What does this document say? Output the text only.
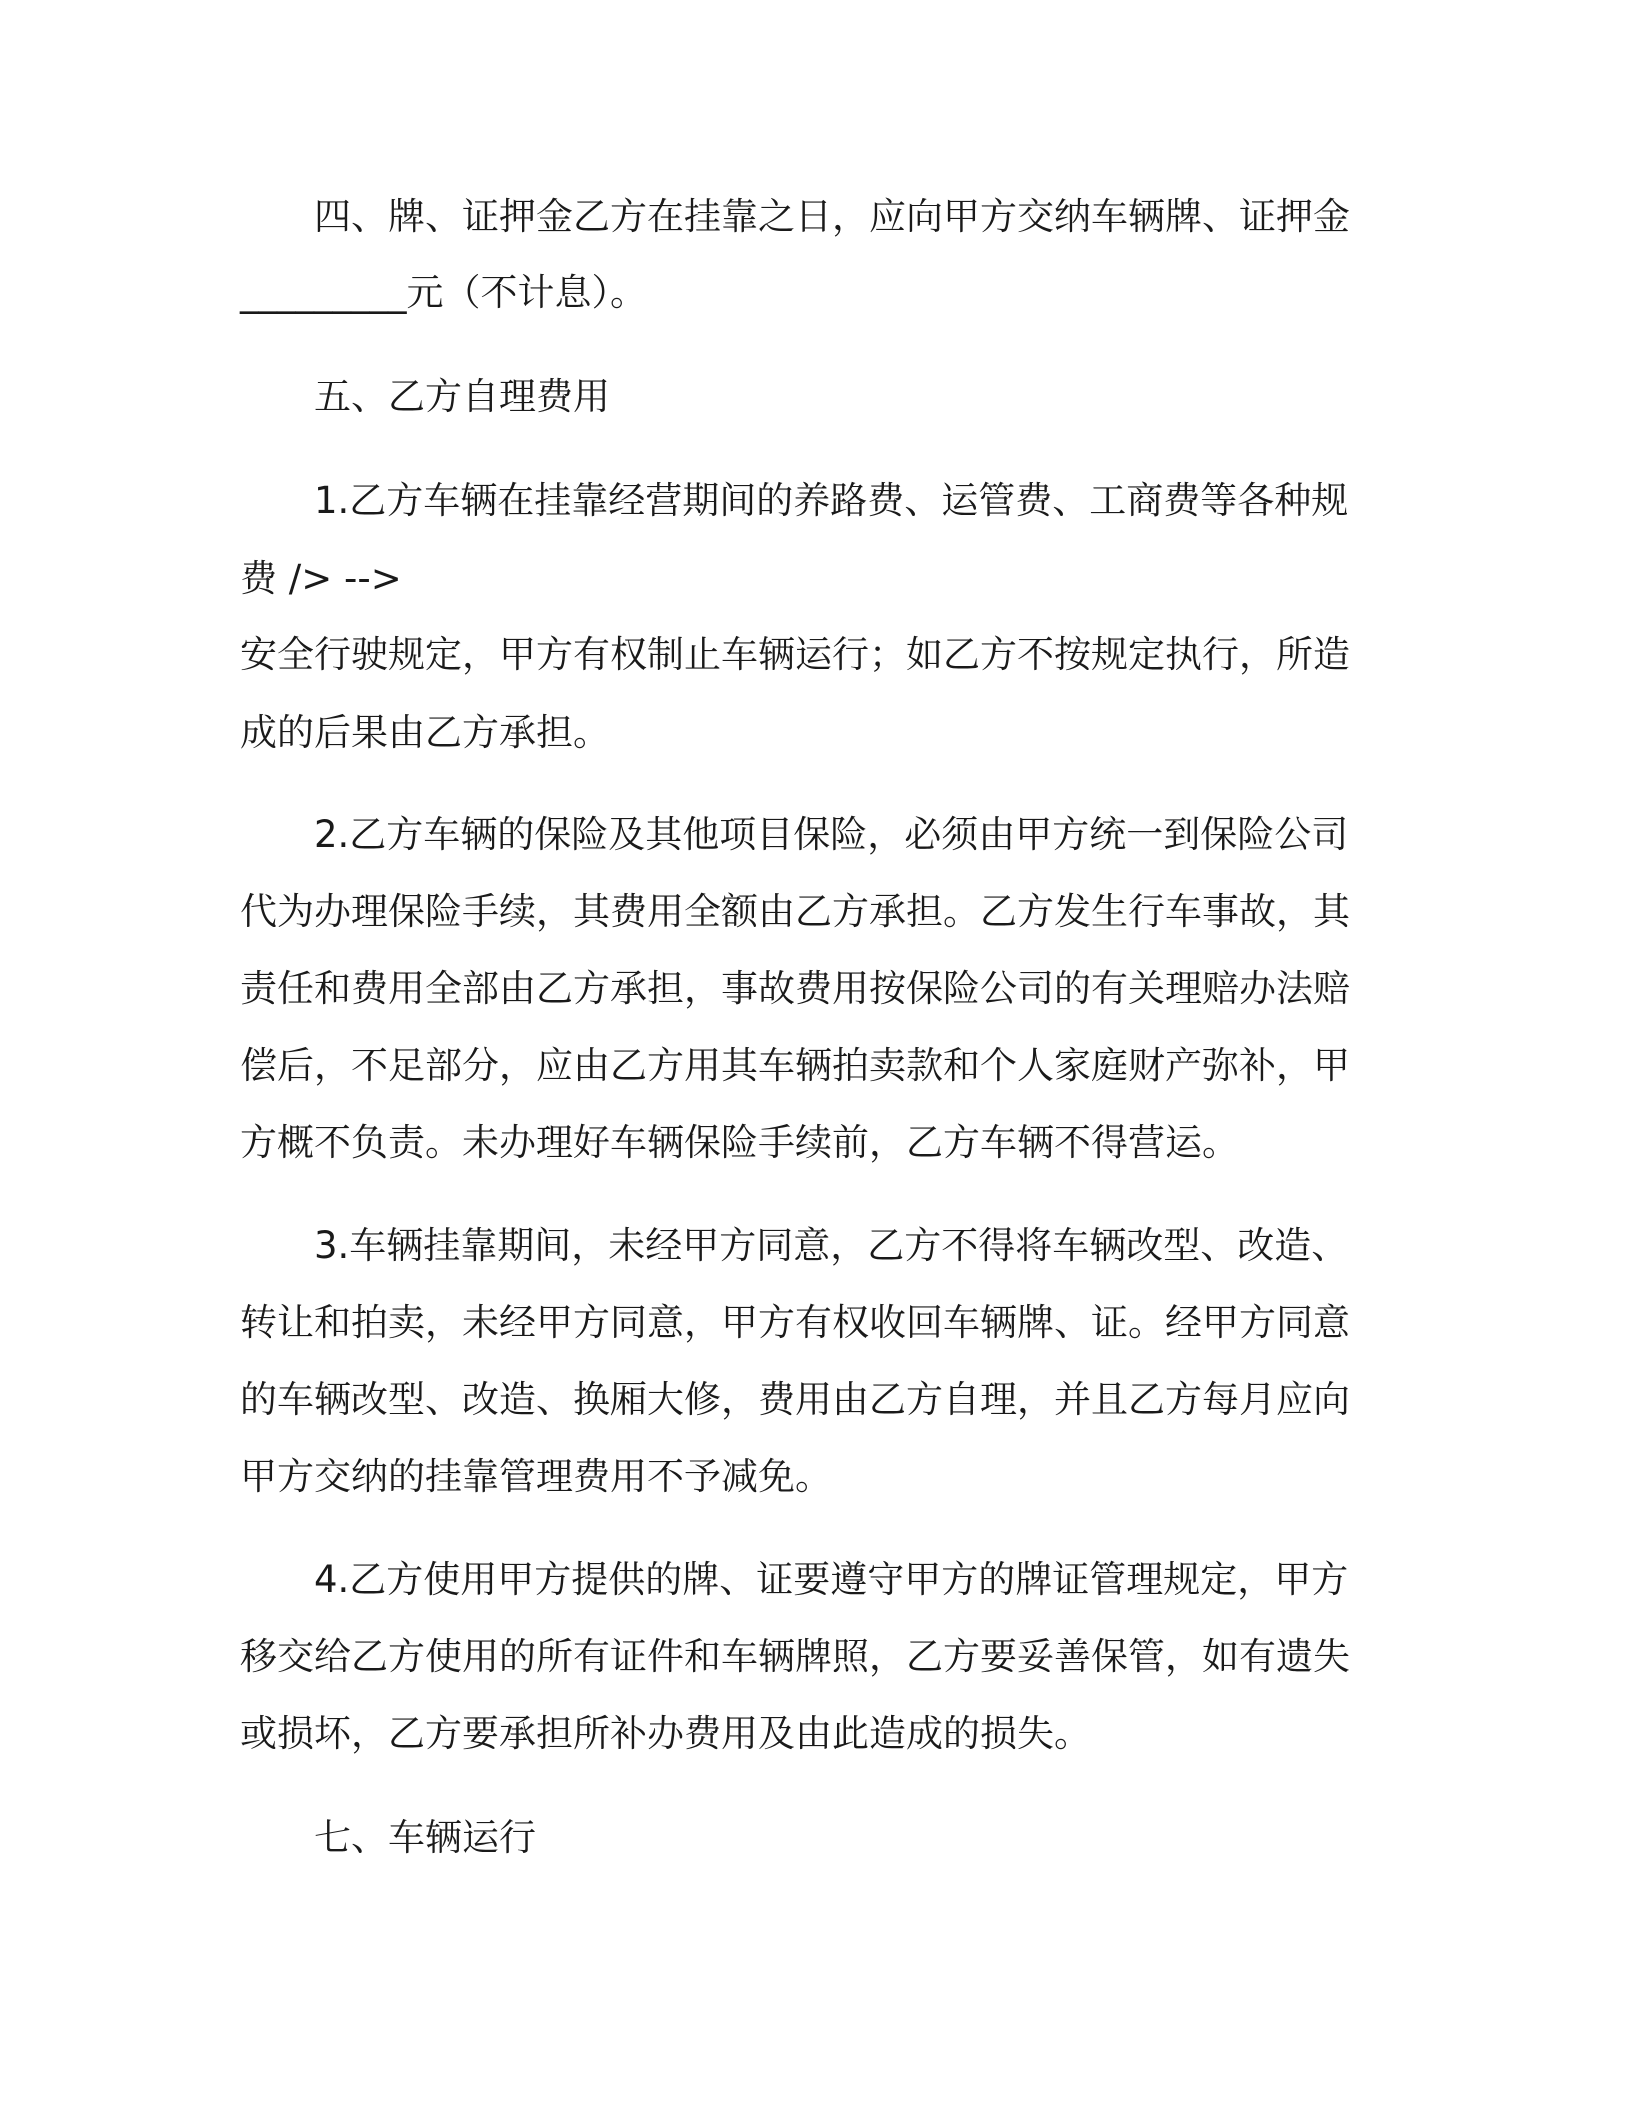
四、牌、证押金乙方在挂靠之日，应向甲方交纳车辆牌、证押金
_________元（不计息）。
五、乙方自理费用
1.乙方车辆在挂靠经营期间的养路费、运管费、工商费等各种规
费 /> -->
安全行驶规定，甲方有权制止车辆运行；如乙方不按规定执行，所造
成的后果由乙方承担。
2.乙方车辆的保险及其他项目保险，必须由甲方统一到保险公司
代为办理保险手续，其费用全额由乙方承担。乙方发生行车事故，其
责任和费用全部由乙方承担，事故费用按保险公司的有关理赔办法赔
偿后，不足部分，应由乙方用其车辆拍卖款和个人家庭财产弥补，甲
方概不负责。未办理好车辆保险手续前，乙方车辆不得营运。
3.车辆挂靠期间，未经甲方同意，乙方不得将车辆改型、改造、
转让和拍卖，未经甲方同意，甲方有权收回车辆牌、证。经甲方同意
的车辆改型、改造、换厢大修，费用由乙方自理，并且乙方每月应向
甲方交纳的挂靠管理费用不予减免。
4.乙方使用甲方提供的牌、证要遵守甲方的牌证管理规定，甲方
移交给乙方使用的所有证件和车辆牌照，乙方要妥善保管，如有遗失
或损坏，乙方要承担所补办费用及由此造成的损失。
七、车辆运行
